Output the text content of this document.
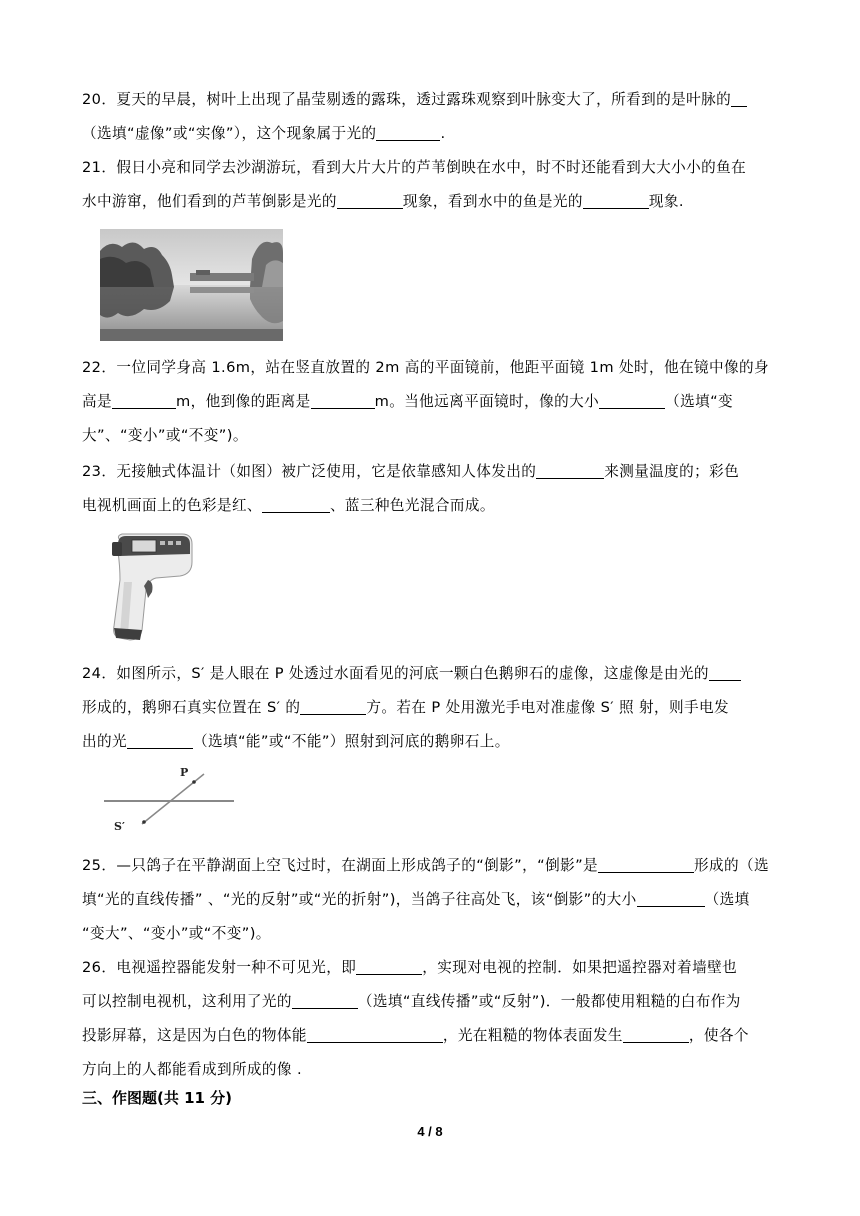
20．夏天的早晨，树叶上出现了晶莹剔透的露珠，透过露珠观察到叶脉变大了，所看到的是叶脉的
（选填“虚像”或“实像”），这个现象属于光的	.
21．假日小亮和同学去沙湖游玩，看到大片大片的芦苇倒映在水中，时不时还能看到大大小小的鱼在
水中游窜，他们看到的芦苇倒影是光的	现象，看到水中的鱼是光的	现象.
22．一位同学身高 1.6m，站在竖直放置的 2m 高的平面镜前，他距平面镜 1m 处时，他在镜中像的身
高是	m，他到像的距离是	m。当他远离平面镜时，像的大小	（选填“变
大”、“变小”或“不变”)。
23．无接触式体温计（如图）被广泛使用，它是依靠感知人体发出的	来测量温度的；彩色
电视机画面上的色彩是红、	、蓝三种色光混合而成。
24．如图所示，S′ 是人眼在 P 处透过水面看见的河底一颗白色鹅卵石的虚像，这虚像是由光的
形成的，鹅卵石真实位置在 S′ 的	方。若在 P 处用激光手电对准虚像 S′ 照 射，则手电发
出的光	（选填“能”或“不能”）照射到河底的鹅卵石上。
P
S′
25．—只鸽子在平静湖面上空飞过时，在湖面上形成鸽子的“倒影”，“倒影”是	形成的（选
填“光的直线传播” 、“光的反射”或“光的折射”)，当鸽子往高处飞，该“倒影”的大小	（选填
“变大”、“变小”或“不变”)。
26．电视遥控器能发射一种不可见光，即	，实现对电视的控制．如果把遥控器对着墙壁也
可以控制电视机，这利用了光的	（选填“直线传播”或“反射”)．一般都使用粗糙的白布作为
投影屏幕，这是因为白色的物体能	，光在粗糙的物体表面发生	，使各个
方向上的人都能看成到所成的像 .
三、作图题(共 11 分)
4 / 8
